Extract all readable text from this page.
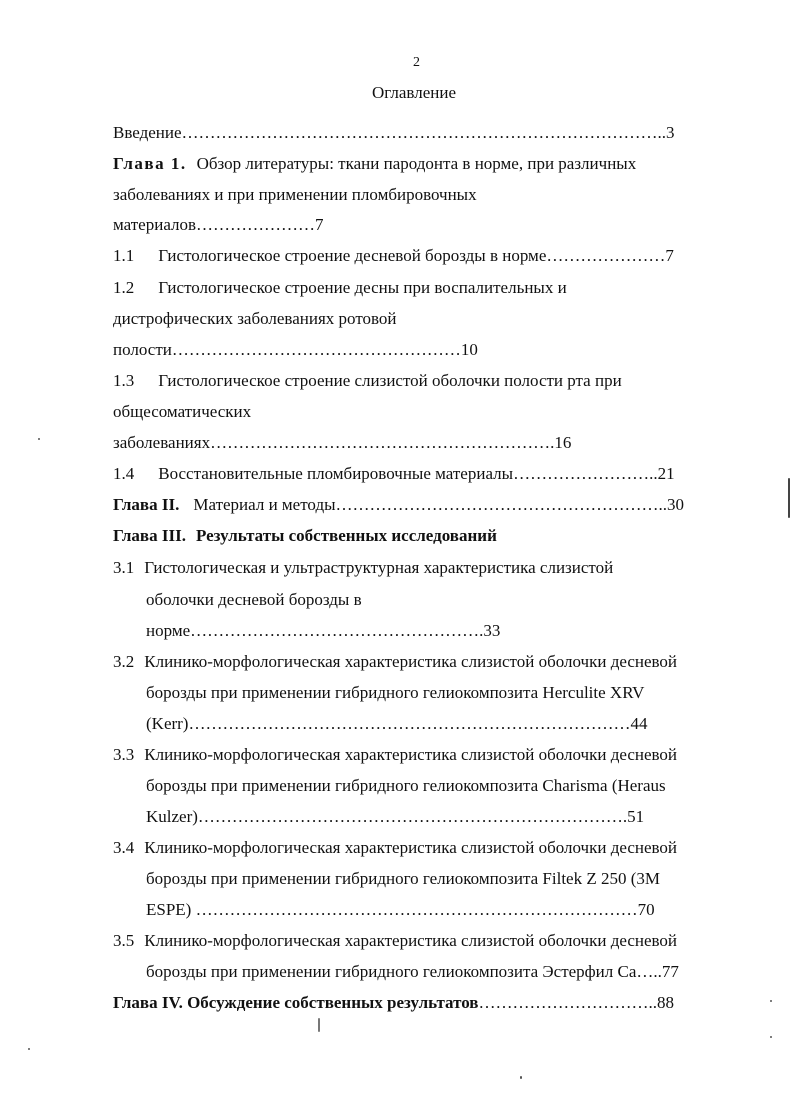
2
Оглавление
Введение…………………………………………………………………………..3
Глава 1. Обзор литературы: ткани пародонта в норме, при различных
заболеваниях и при применении пломбировочных
материалов…………………7
1.1 Гистологическое строение десневой борозды в норме…………………7
1.2 Гистологическое строение десны при воспалительных и
дистрофических заболеваниях ротовой
полости……………………………………………10
1.3 Гистологическое строение слизистой оболочки полости рта при
общесоматических
заболеваниях…………………………………………………….16
1.4 Восстановительные пломбировочные материалы……………………..21
Глава II. Материал и методы…………………………………………………..30
Глава III. Результаты собственных исследований
3.1 Гистологическая и ультраструктурная характеристика слизистой
оболочки десневой борозды в
норме…………………………………………….33
3.2 Клинико-морфологическая характеристика слизистой оболочки десневой
борозды при применении гибридного гелиокомпозита Herculite XRV
(Kerr)……………………………………………………………………44
3.3 Клинико-морфологическая характеристика слизистой оболочки десневой
борозды при применении гибридного гелиокомпозита Charisma (Heraus
Kulzer)………………………………………………………………….51
3.4 Клинико-морфологическая характеристика слизистой оболочки десневой
борозды при применении гибридного гелиокомпозита Filtek Z 250 (3M
ESPE) ……………………………………………………………………70
3.5 Клинико-морфологическая характеристика слизистой оболочки десневой
борозды при применении гибридного гелиокомпозита Эстерфил Са…..77
Глава IV. Обсуждение собственных результатов…………………………..88
